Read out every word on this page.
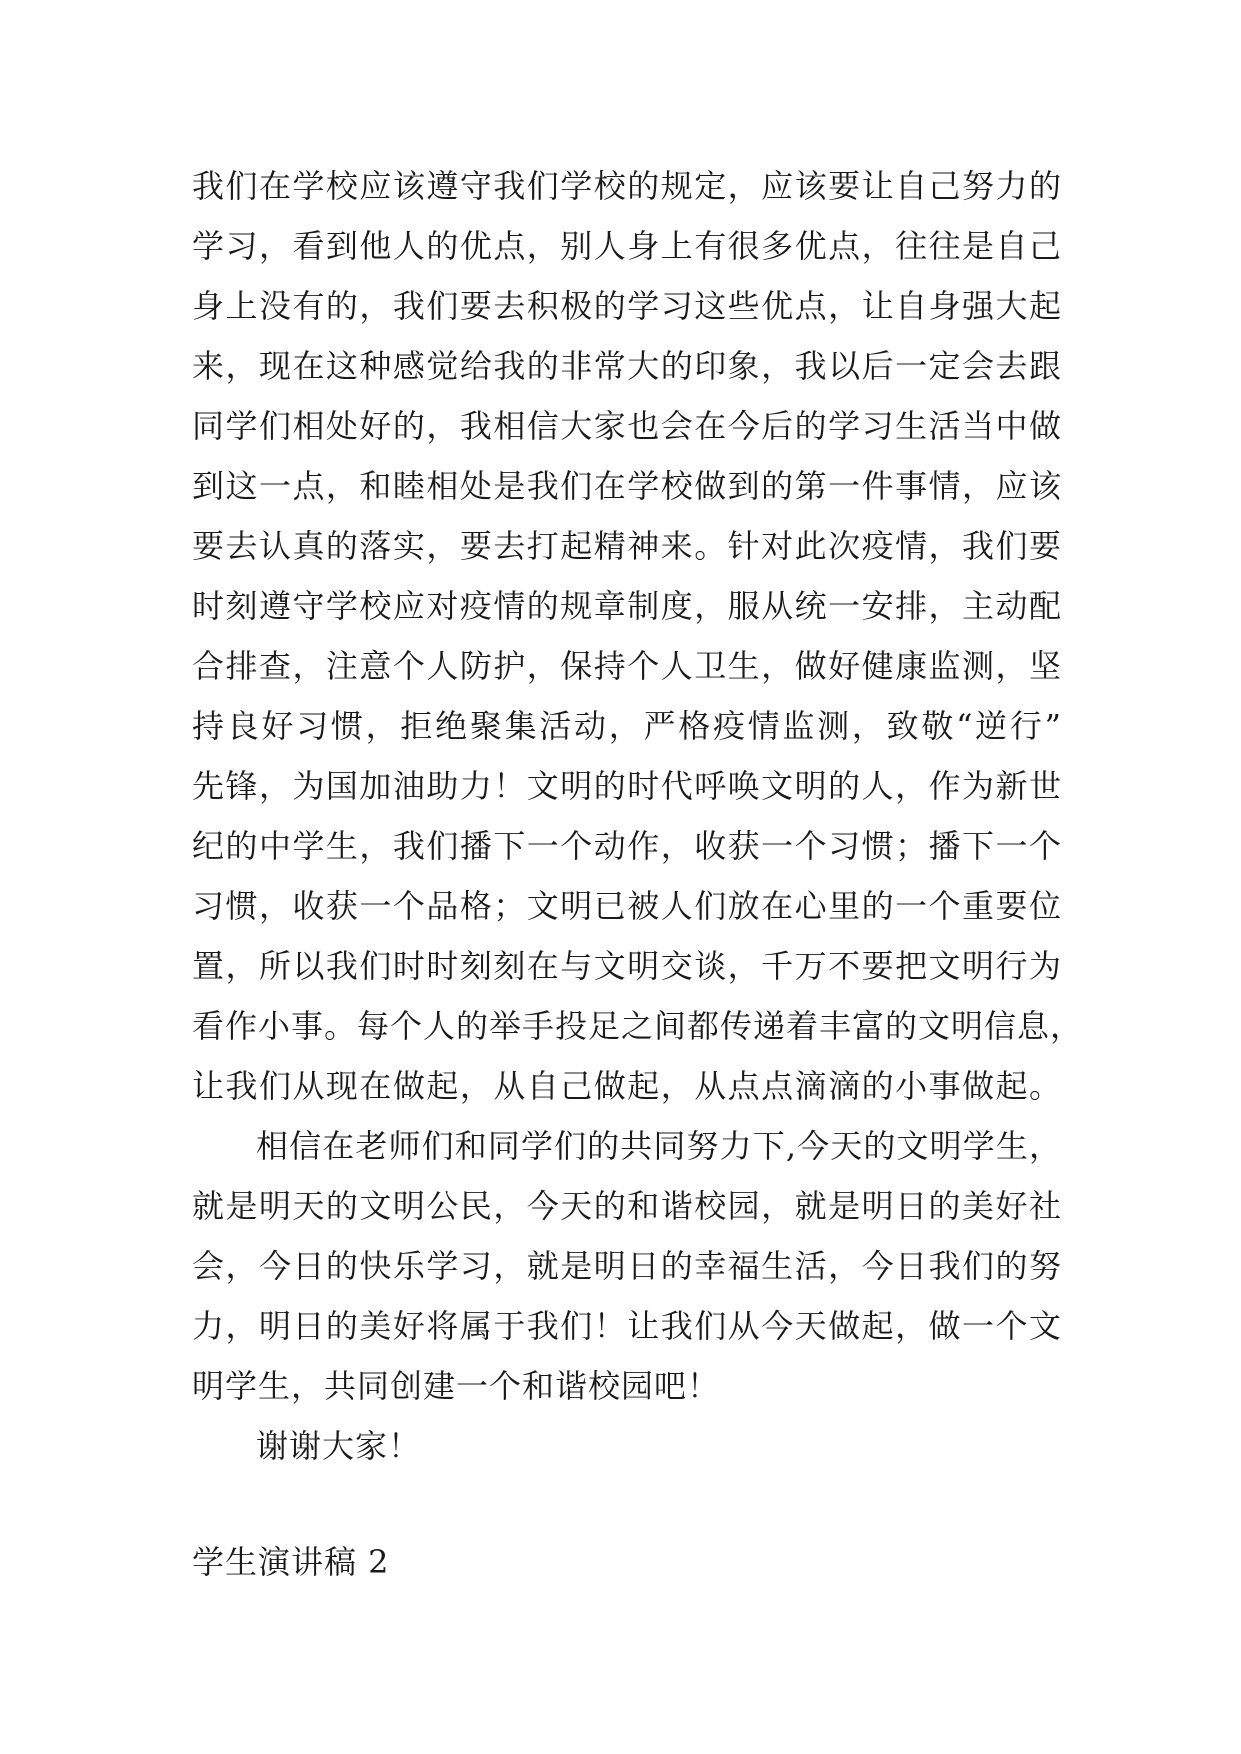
我们在学校应该遵守我们学校的规定，应该要让自己努力的
学习，看到他人的优点，别人身上有很多优点，往往是自己
身上没有的，我们要去积极的学习这些优点，让自身强大起
来，现在这种感觉给我的非常大的印象，我以后一定会去跟
同学们相处好的，我相信大家也会在今后的学习生活当中做
到这一点，和睦相处是我们在学校做到的第一件事情，应该
要去认真的落实，要去打起精神来。针对此次疫情，我们要
时刻遵守学校应对疫情的规章制度，服从统一安排，主动配
合排查，注意个人防护，保持个人卫生，做好健康监测，坚
持良好习惯，拒绝聚集活动，严格疫情监测，致敬“逆行”
先锋，为国加油助力！文明的时代呼唤文明的人，作为新世
纪的中学生，我们播下一个动作，收获一个习惯；播下一个
习惯，收获一个品格；文明已被人们放在心里的一个重要位
置，所以我们时时刻刻在与文明交谈，千万不要把文明行为
看作小事。每个人的举手投足之间都传递着丰富的文明信息，
让我们从现在做起，从自己做起，从点点滴滴的小事做起。
相信在老师们和同学们的共同努力下,今天的文明学生，
就是明天的文明公民，今天的和谐校园，就是明日的美好社
会，今日的快乐学习，就是明日的幸福生活，今日我们的努
力，明日的美好将属于我们！让我们从今天做起，做一个文
明学生，共同创建一个和谐校园吧！
谢谢大家！
学生演讲稿 2
